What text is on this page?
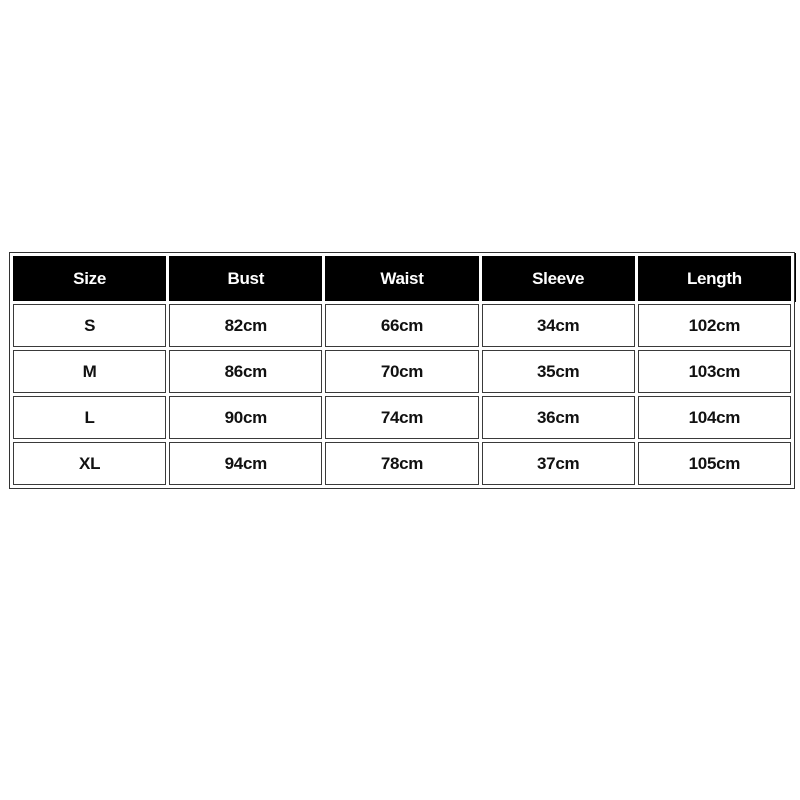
Size	Bust	Waist	Sleeve	Length
S	82cm	66cm	34cm	102cm
M	86cm	70cm	35cm	103cm
L	90cm	74cm	36cm	104cm
XL	94cm	78cm	37cm	105cm
